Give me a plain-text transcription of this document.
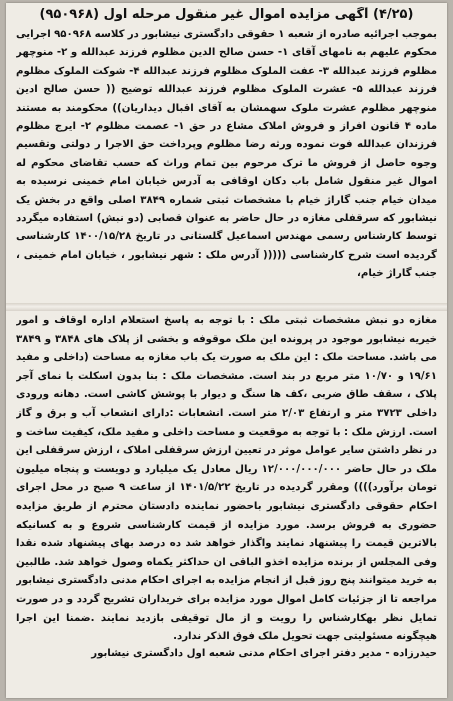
(۴/۲۵) آگهی مزایده اموال غیر منقول مرحله اول (۹۵۰۹۶۸)

بموجب اجرائیه صادره از شعبه ۱ حقوقی دادگستری نیشابور در کلاسه ۹۵۰۹۶۸ اجرایی محکوم علیهم به نامهای آقای ۱- حسن صالح الدین مظلوم فرزند عبدالله و ۲- منوچهر مظلوم فرزند عبدالله ۳- عفت الملوک مظلوم فرزند عبدالله ۴- شوکت الملوک مظلوم فرزند عبدالله ۵- عشرت الملوک مظلوم فرزند عبدالله توضیح (( حسن صالح ادین منوچهر مظلوم عشرت ملوک سهمشان به آقای اقبال دیداریان)) محکومند به مستند ماده ۴ قانون افراز و فروش املاک مشاع در حق ۱- عصمت مظلوم ۲- ایرج مظلوم فرزندان عبدالله فوت نموده ورثه رضا مظلوم وپرداخت حق الاجرا ر دولتی وتقسیم وجوه حاصل از فروش ما ترک مرحوم بین تمام وراث که حسب تقاضای محکوم له اموال غیر منقول شامل باب دکان اوقافی به آدرس خیابان امام خمینی نرسیده به میدان خیام جنب گاراژ خیام با مشخصات ثبتی شماره ۳۸۴۹ اصلی واقع در بخش یک نیشابور که سرقفلی مغازه در حال حاضر به عنوان قصابی (دو نبش) استفاده میگردد توسط کارشناس رسمی مهندس اسماعیل گلستانی در تاریخ ۱۴۰۰/۱۵/۲۸ کارشناسی گردیده است شرح کارشناسی ((((( آدرس ملک : شهر نیشابور ، خیابان امام خمینی ، جنب گاراژ خیام،

مغازه دو نبش مشخصات ثبتی ملک : با توجه به پاسخ استعلام اداره اوقاف و امور خیریه نیشابور موجود در پرونده این ملک موقوفه و بخشی از پلاک های ۳۸۴۸ و ۳۸۴۹ می باشد. مساحت ملک : این ملک به صورت یک باب مغازه به مساحت (داخلی و مفید ۱۹/۶۱ و ۱۰/۷۰ متر مربع در بند است. مشخصات ملک : بنا بدون اسکلت با نمای آجر پلاک ، سقف طاق ضربی ،کف ها سنگ و دیوار با پوشش کاشی است. دهانه ورودی داخلی ۳۷۲۳ متر و ارتفاع ۲/۰۳ متر است. انشعابات :دارای انشعاب آب و برق و گاز است. ارزش ملک : با توجه به موقعیت و مساحت داخلی و مفید ملک، کیفیت ساخت و در نظر داشتن سایر عوامل موثر در تعیین ارزش سرقفلی املاک ، ارزش سرقفلی این ملک در حال حاضر ۱۲/۰۰۰/۰۰۰/۰۰۰ ریال معادل یک میلیارد و دویست و پنجاه میلیون تومان برآورد)))) ومقرر گردیده در تاریخ ۱۴۰۱/۵/۲۲ از ساعت ۹ صبح در محل اجرای احکام حقوقی دادگستری نیشابور باحضور نماینده دادستان محترم از طریق مزایده حضوری به فروش برسد. مورد مزایده از قیمت کارشناسی شروع و به کسانیکه بالاترین قیمت را پیشنهاد نمایند واگذار خواهد شد ده درصد بهای پیشنهاد شده نقدا وفی المجلس از برنده مزایده اخذو الباقی ان حداکثر یکماه وصول خواهد شد. طالبین به خرید میتوانند پنج روز قبل از انجام مزایده به اجرای احکام مدنی دادگستری نیشابور مراجعه تا از جزئیات کامل اموال مورد مزایده برای خریداران تشریح گردد و در صورت تمایل نظر بهکارشناس را رویت و از مال توقیفی بازدید نمایند .ضمنا این اجرا هیچگونه مسئولیتی جهت تحویل ملک فوق الذکر ندارد.

حیدرزاده - مدیر دفتر اجرای احکام مدنی شعبه اول دادگستری نیشابور
